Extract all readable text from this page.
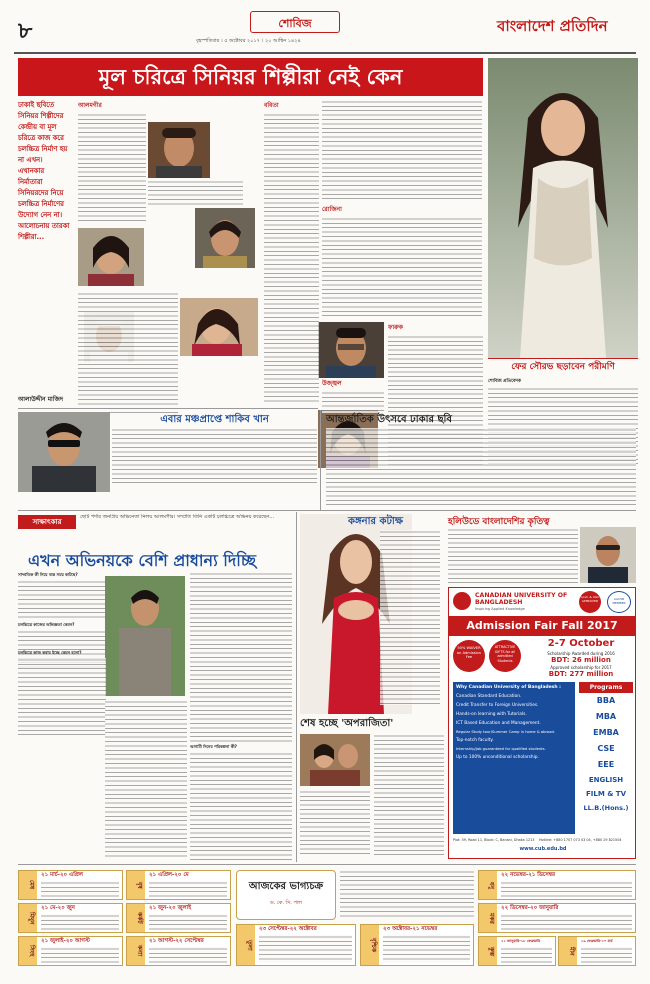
৮	শোবিজ
বৃহস্পতিবার । ৫ অক্টোবর ২০১৭ । ২০ আশ্বিন ১৪২৪
বাংলাদেশ প্রতিদিন
মূল চরিত্রে সিনিয়র শিল্পীরা নেই কেন
ঢাকাই ছবিতে সিনিয়র শিল্পীদের কেন্দ্রীয় বা মূল চরিত্রে কাজ করে চলচ্চিত্র নির্মাণ হয় না এখন। এখানকার নির্মাতারা সিনিয়রদের নিয়ে চলচ্চিত্র নির্মাণের উদ্যোগ নেন না। আলোচনায় তারকা শিল্পীরা...
আলাউদ্দীন মাজিদ
আলমগীর	ববিতা
রোজিনা
ফারুক
উজ্জ্বল
ফের সৌরভ ছড়াবেন পরীমণি
শোবিজ প্রতিবেদক
এবার মঞ্চপ্রাপ্তে শাকিব খান	আন্তর্জাতিক উৎসবে ঢাকার ছবি
সাক্ষাৎকার
ছোট পর্দার জনপ্রিয় অভিনেতা নিলয় আলমগীর। সম্প্রতি তিনি একটি চলচ্চিত্রে অভিনয় করেছেন...
এখন অভিনয়কে বেশি প্রাধান্য দিচ্ছি
সাম্প্রতিক কী নিয়ে ব্যস্ত সময় কাটছে?
চলচ্চিত্রে কাজের অভিজ্ঞতা কেমন?
চলচ্চিত্রে কাজ করার ইচ্ছে কেমন হলো?
আগামী দিনের পরিকল্পনা কী?
কঙ্গনার কটাক্ষ	হলিউডে বাংলাদেশির কৃতিত্ব
CANADIAN UNIVERSITY OF BANGLADESH
Inspiring Applied Knowledge
Govt. & UGC APPROVED	AACSB MEMBER
Admission Fair Fall 2017
50% WAIVER on Admission Fee
ATTRACTIVE GIFTS for all admitted Students
2-7 October
Scholarship Awarded during 2016
BDT: 26 million
Approved scholarship for 2017
BDT: 277 million
Why Canadian University of Bangladesh :
Canadian Standard Education.
Credit Transfer to Foreign Universities.
Hands-on learning with Tutorials.
ICT Based Education and Management.
Regular Study tour/Summer Camp in home & abroad.
Top-notch faculty.
Internship/Job guaranteed for qualified students.
Up to 100% unconditional scholarship.
Programs
BBA
MBA
EMBA
CSE
EEE
ENGLISH
FILM & TV
LL.B.(Hons.)
Plot: 59, Road 11, Block: C, Banani, Dhaka 1213	Hotline: +880 1707 073 03 04, +880 29 821504
www.cub.edu.bd
শেষ হচ্ছে 'অপরাজিতা'
আজকের ভাগ্যচক্র
ড. কে. সি. পাল
মেষ
২১ মার্চ-২০ এপ্রিল
বৃষ
২১ এপ্রিল-২০ মে
মিথুন
২১ মে-২০ জুন
কর্কট
২১ জুন-২০ জুলাই
সিংহ
২১ জুলাই-২০ আগস্ট
কন্যা
২১ আগস্ট-২২ সেপ্টেম্বর	তুলা
২৩ সেপ্টেম্বর-২২ অক্টোবর
বৃশ্চিক
২৩ অক্টোবর-২১ নভেম্বর
ধনু
২২ নভেম্বর-২১ ডিসেম্বর
মকর
২২ ডিসেম্বর-২০ জানুয়ারি
কুম্ভ
২১ জানুয়ারি-১৮ ফেব্রুয়ারি
মীন
১৯ ফেব্রুয়ারি-২০ মার্চ
